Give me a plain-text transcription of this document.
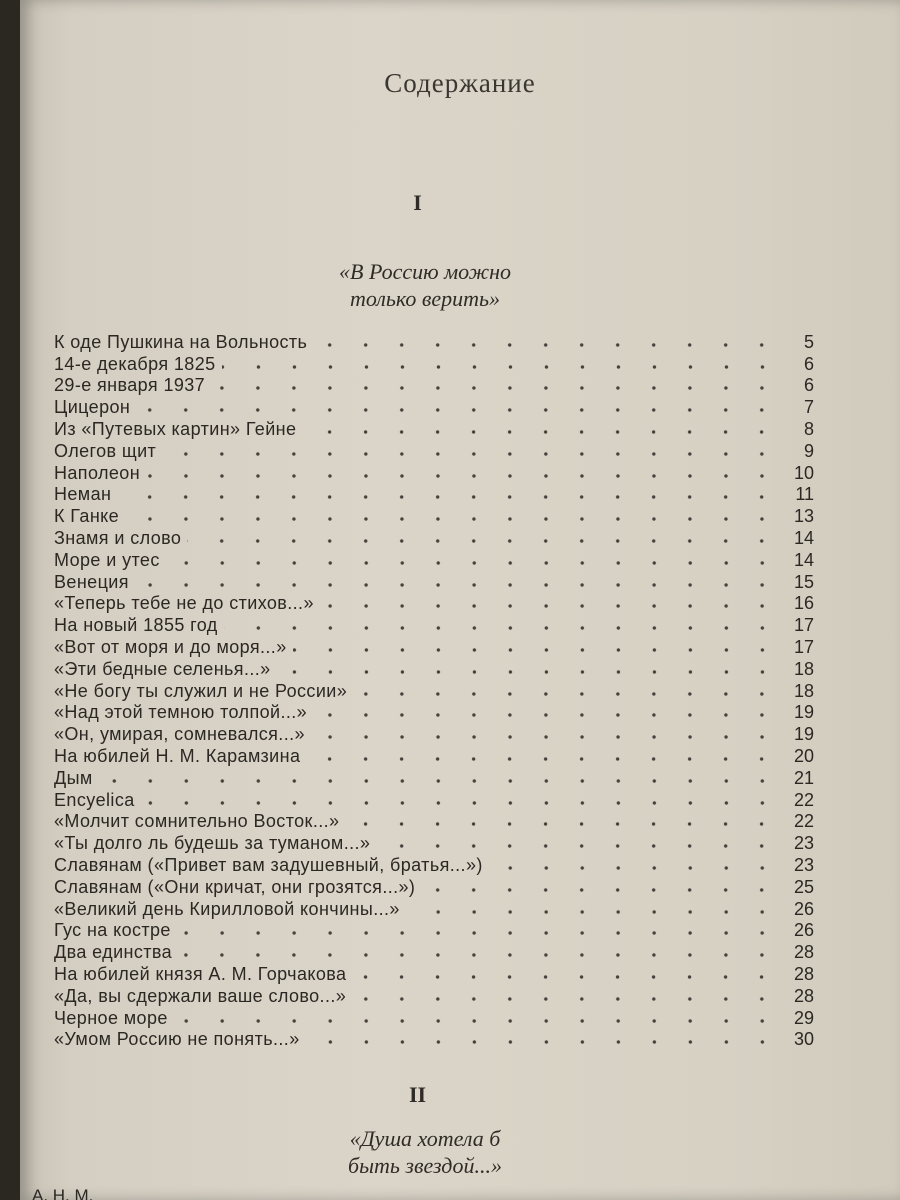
Содержание
I
«В Россию можно
только верить»
К оде Пушкина на Вольность	5
14-е декабря 1825	6
29-е января 1937	6
Цицерон	7
Из «Путевых картин» Гейне	8
Олегов щит	9
Наполеон	10
Неман	11
К Ганке	13
Знамя и слово	14
Море и утес	14
Венеция	15
«Теперь тебе не до стихов...»	16
На новый 1855 год	17
«Вот от моря и до моря...»	17
«Эти бедные селенья...»	18
«Не богу ты служил и не России»	18
«Над этой темною толпой...»	19
«Он, умирая, сомневался...»	19
На юбилей Н. М. Карамзина	20
Дым	21
Encyelica	22
«Молчит сомнительно Восток...»	22
«Ты долго ль будешь за туманом...»	23
Славянам («Привет вам задушевный, братья...»)	23
Славянам («Они кричат, они грозятся...»)	25
«Великий день Кирилловой кончины...»	26
Гус на костре	26
Два единства	28
На юбилей князя А. М. Горчакова	28
«Да, вы сдержали ваше слово...»	28
Черное море	29
«Умом Россию не понять...»	30
II
«Душа хотела б
быть звездой...»
А. Н. М.
